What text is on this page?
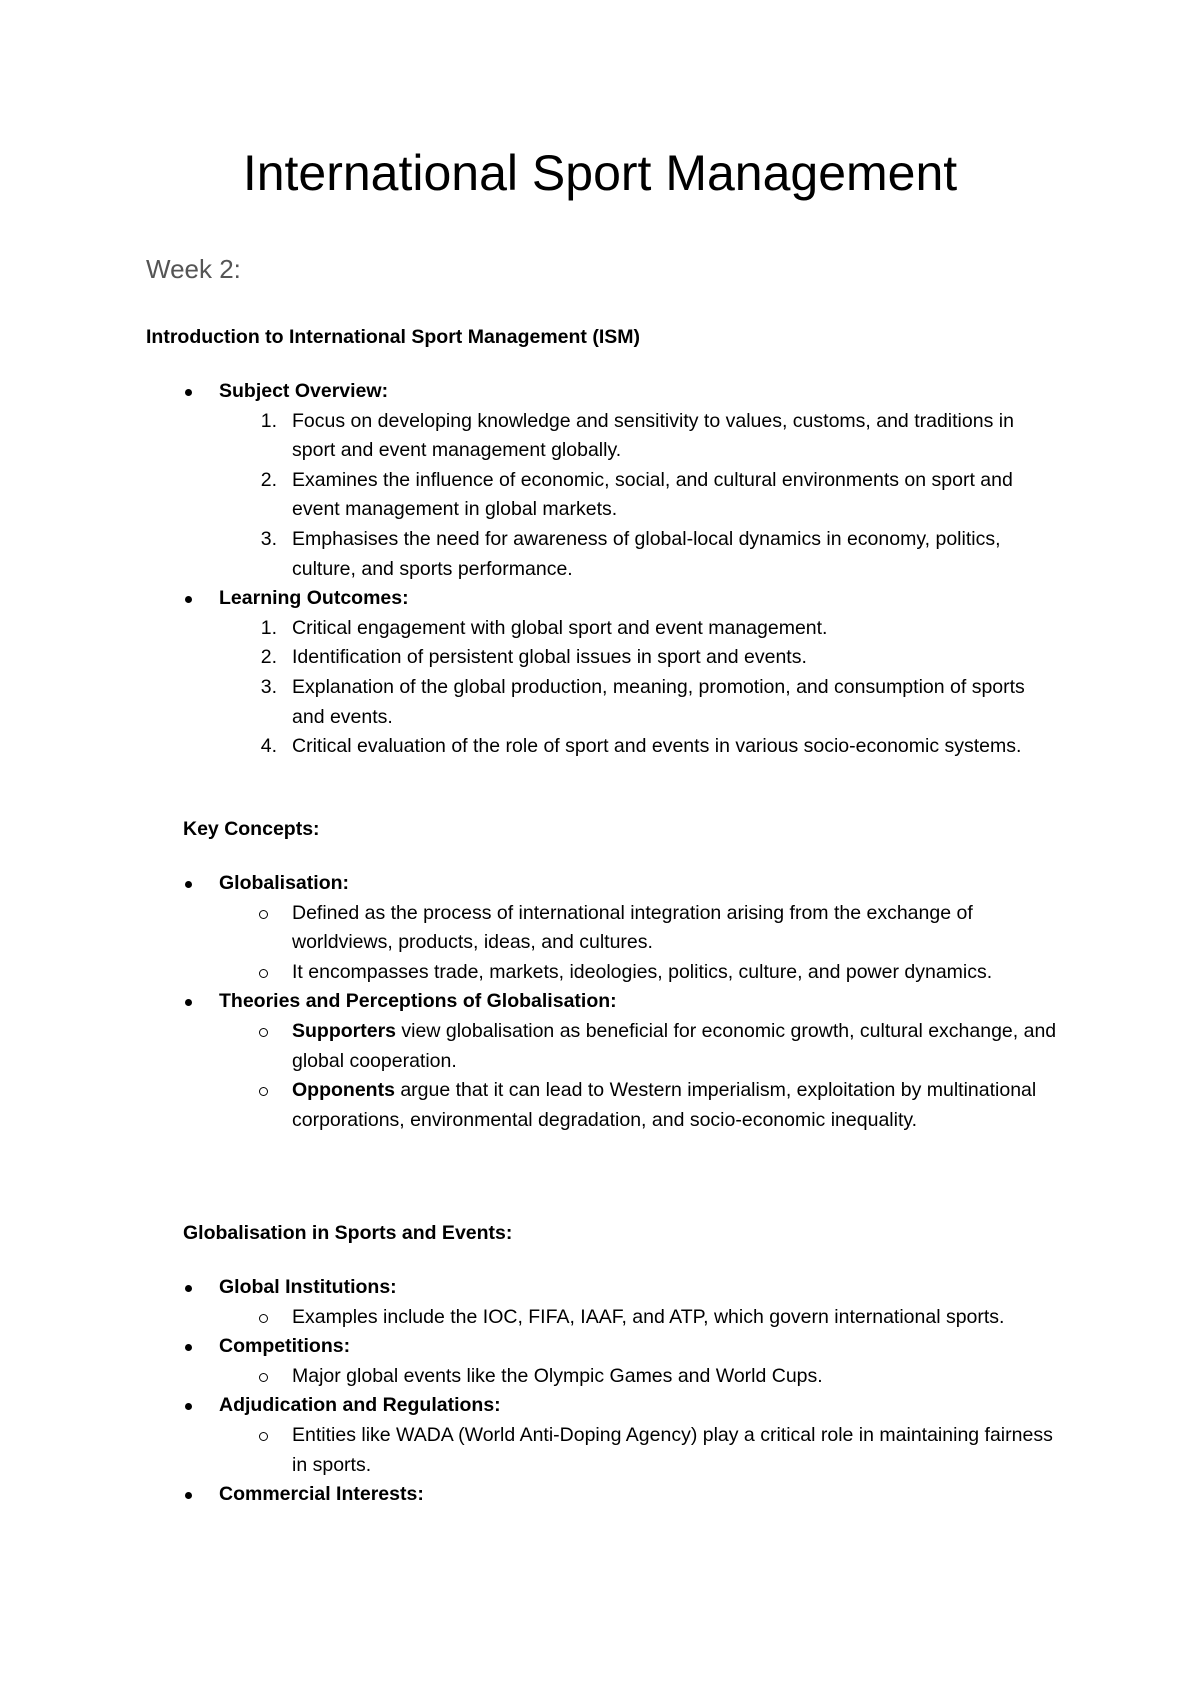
International Sport Management
Week 2:
Introduction to International Sport Management (ISM)
Subject Overview:
1. Focus on developing knowledge and sensitivity to values, customs, and traditions in sport and event management globally.
2. Examines the influence of economic, social, and cultural environments on sport and event management in global markets.
3. Emphasises the need for awareness of global-local dynamics in economy, politics, culture, and sports performance.
Learning Outcomes:
1. Critical engagement with global sport and event management.
2. Identification of persistent global issues in sport and events.
3. Explanation of the global production, meaning, promotion, and consumption of sports and events.
4. Critical evaluation of the role of sport and events in various socio-economic systems.
Key Concepts:
Globalisation:
Defined as the process of international integration arising from the exchange of worldviews, products, ideas, and cultures.
It encompasses trade, markets, ideologies, politics, culture, and power dynamics.
Theories and Perceptions of Globalisation:
Supporters view globalisation as beneficial for economic growth, cultural exchange, and global cooperation.
Opponents argue that it can lead to Western imperialism, exploitation by multinational corporations, environmental degradation, and socio-economic inequality.
Globalisation in Sports and Events:
Global Institutions:
Examples include the IOC, FIFA, IAAF, and ATP, which govern international sports.
Competitions:
Major global events like the Olympic Games and World Cups.
Adjudication and Regulations:
Entities like WADA (World Anti-Doping Agency) play a critical role in maintaining fairness in sports.
Commercial Interests:
